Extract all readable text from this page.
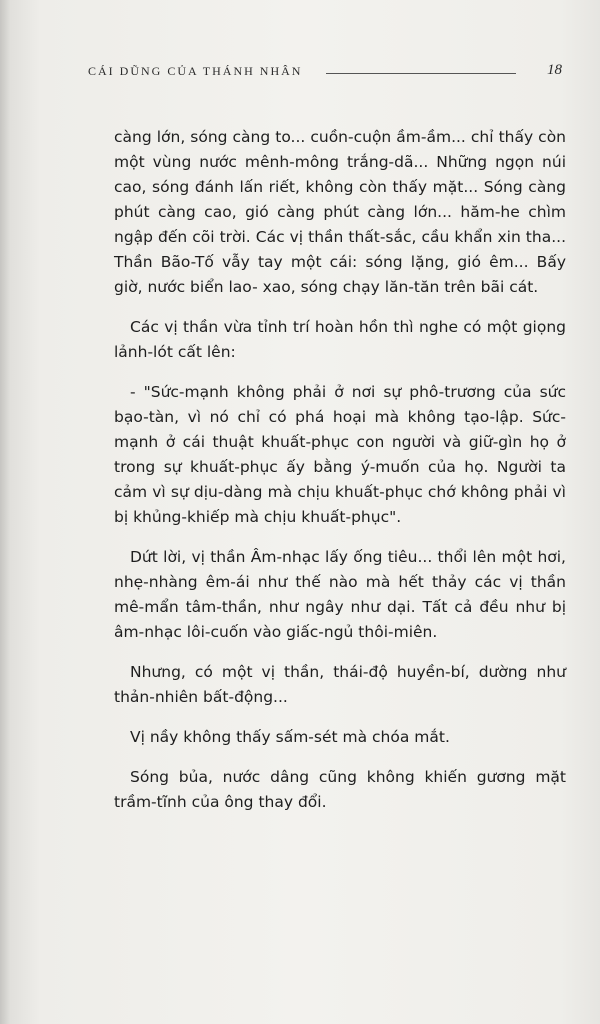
CÁI DŨNG CỦA THÁNH NHÂN	18

càng lớn, sóng càng to... cuồn-cuộn ầm-ầm... chỉ thấy còn một vùng nước mênh-mông trắng-dã... Những ngọn núi cao, sóng đánh lấn riết, không còn thấy mặt... Sóng càng phút càng cao, gió càng phút càng lớn... hăm-he chìm ngập đến cõi trời. Các vị thần thất-sắc, cầu khẩn xin tha... Thần Bão-Tố vẫy tay một cái: sóng lặng, gió êm... Bấy giờ, nước biển lao- xao, sóng chạy lăn-tăn trên bãi cát.

Các vị thần vừa tỉnh trí hoàn hồn thì nghe có một giọng lảnh-lót cất lên:

- "Sức-mạnh không phải ở nơi sự phô-trương của sức bạo-tàn, vì nó chỉ có phá hoại mà không tạo-lập. Sức-mạnh ở cái thuật khuất-phục con người và giữ-gìn họ ở trong sự khuất-phục ấy bằng ý-muốn của họ. Người ta cảm vì sự dịu-dàng mà chịu khuất-phục chớ không phải vì bị khủng-khiếp mà chịu khuất-phục".

Dứt lời, vị thần Âm-nhạc lấy ống tiêu... thổi lên một hơi, nhẹ-nhàng êm-ái như thế nào mà hết thảy các vị thần mê-mẩn tâm-thần, như ngây như dại. Tất cả đều như bị âm-nhạc lôi-cuốn vào giấc-ngủ thôi-miên.

Nhưng, có một vị thần, thái-độ huyền-bí, dường như thản-nhiên bất-động...

Vị nầy không thấy sấm-sét mà chóa mắt.

Sóng bủa, nước dâng cũng không khiến gương mặt trầm-tĩnh của ông thay đổi.
